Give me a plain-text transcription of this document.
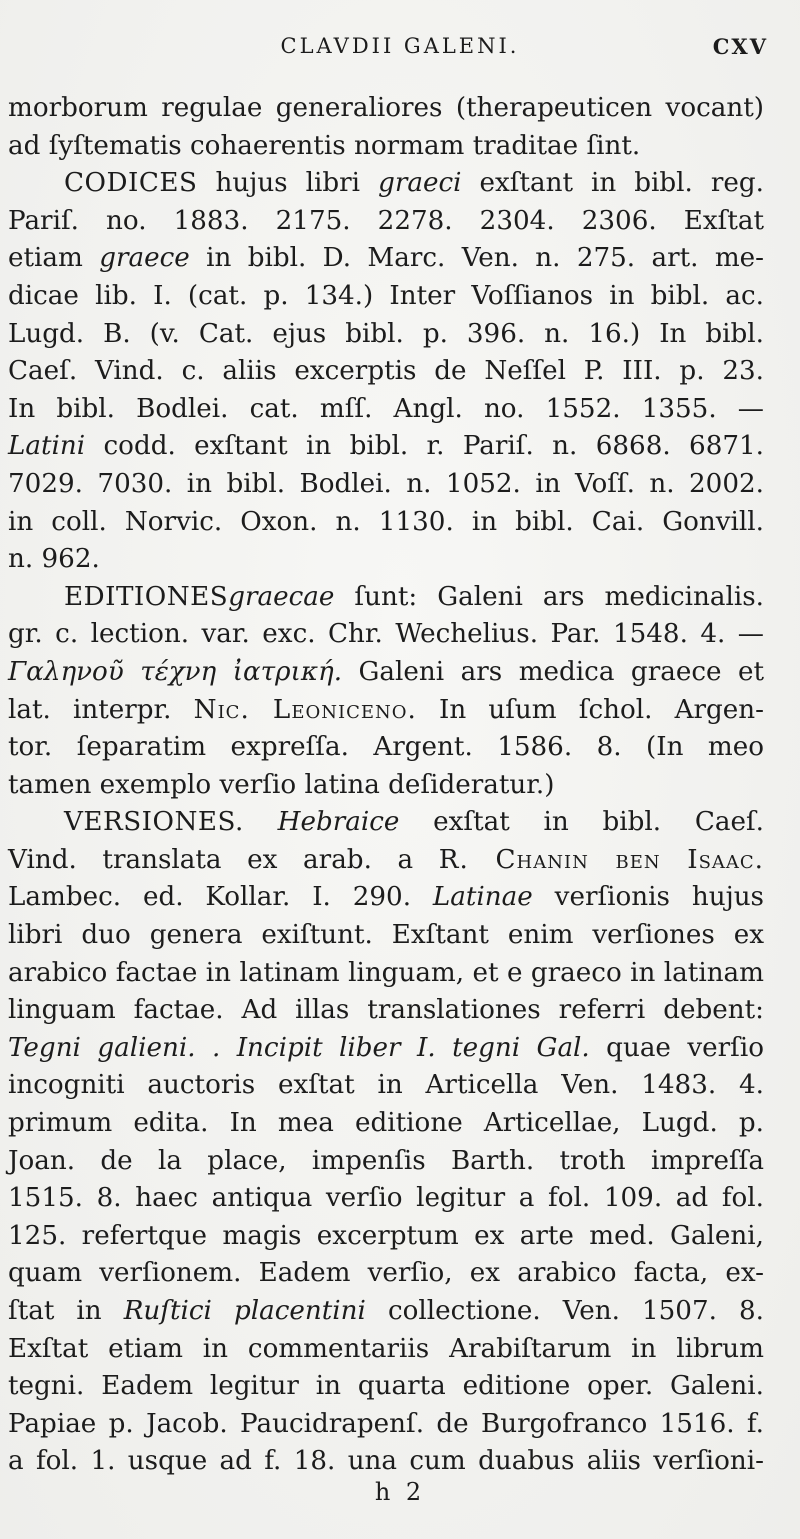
CLAVDII GALENI.	CXV
morborum regulae generaliores (therapeuticen vocant)
ad ſyſtematis cohaerentis normam traditae ſint.
CODICES hujus libri graeci exſtant in bibl. reg.
Pariſ. no. 1883. 2175. 2278. 2304. 2306. Exſtat
etiam graece in bibl. D. Marc. Ven. n. 275. art. me-
dicae lib. I. (cat. p. 134.) Inter Voſſianos in bibl. ac.
Lugd. B. (v. Cat. ejus bibl. p. 396. n. 16.) In bibl.
Caeſ. Vind. c. aliis excerptis de Neſſel P. III. p. 23.
In bibl. Bodlei. cat. mſſ. Angl. no. 1552. 1355. —
Latini codd. exſtant in bibl. r. Pariſ. n. 6868. 6871.
7029. 7030. in bibl. Bodlei. n. 1052. in Voſſ. n. 2002.
in coll. Norvic. Oxon. n. 1130. in bibl. Cai. Gonvill.
n. 962.
EDITIONESgraecae ſunt: Galeni ars medicinalis.
gr. c. lection. var. exc. Chr. Wechelius. Par. 1548. 4. —
Γαληνοῦ τέχνη ἰατρική. Galeni ars medica graece et
lat. interpr. Nic. Leoniceno. In uſum ſchol. Argen-
tor. ſeparatim expreſſa. Argent. 1586. 8. (In meo
tamen exemplo verſio latina deſideratur.)
VERSIONES. Hebraice exſtat in bibl. Caeſ.
Vind. translata ex arab. a R. Chanin ben Isaac.
Lambec. ed. Kollar. I. 290. Latinae verſionis hujus
libri duo genera exiſtunt. Exſtant enim verſiones ex
arabico factae in latinam linguam, et e graeco in latinam
linguam factae. Ad illas translationes referri debent:
Tegni galieni. . Incipit liber I. tegni Gal. quae verſio
incogniti auctoris exſtat in Articella Ven. 1483. 4.
primum edita. In mea editione Articellae, Lugd. p.
Joan. de la place, impenſis Barth. troth impreſſa
1515. 8. haec antiqua verſio legitur a fol. 109. ad fol.
125. refertque magis excerptum ex arte med. Galeni,
quam verſionem. Eadem verſio, ex arabico facta, ex-
ſtat in Ruſtici placentini collectione. Ven. 1507. 8.
Exſtat etiam in commentariis Arabiſtarum in librum
tegni. Eadem legitur in quarta editione oper. Galeni.
Papiae p. Jacob. Paucidrapenſ. de Burgofranco 1516. f.
a fol. 1. usque ad f. 18. una cum duabus aliis verſioni-
h 2
